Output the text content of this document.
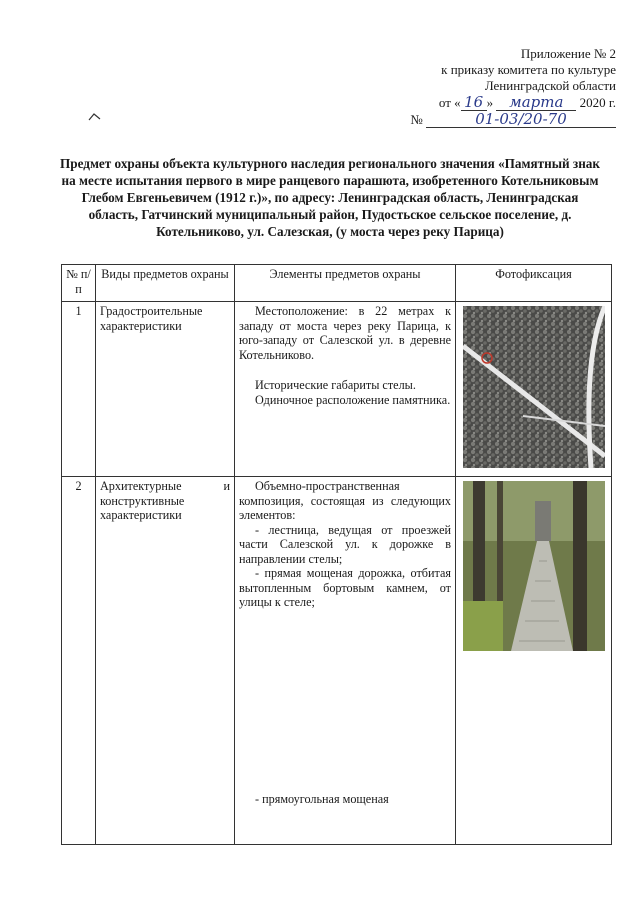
Приложение № 2
к приказу комитета по культуре
Ленинградской области
от « 16 » марта 2020 г.
№	01-03/20-70
Предмет охраны объекта культурного наследия регионального значения «Памятный знак на месте испытания первого в мире ранцевого парашюта, изобретенного Котельниковым Глебом Евгеньевичем (1912 г.)», по адресу: Ленинградская область, Ленинградская область, Гатчинский муниципальный район, Пудостьское сельское поселение, д. Котельниково, ул. Салезская, (у моста через реку Парица)
№ п/п	Виды предметов охраны	Элементы предметов охраны	Фотофиксация
1	Градостроительные характеристики	Местоположение: в 22 метрах к западу от моста через реку Парица, к юго-западу от Салезской ул. в деревне Котельниково.

Исторические габариты стелы.

Одиночное расположение памятника.

2	Архитектурные и конструктивные характеристики	Объемно-пространственная композиция, состоящая из следующих элементов:

- лестница, ведущая от проезжей части Салезской ул. к дорожке в направлении стелы;

- прямая мощеная дорожка, отбитая вытопленным бортовым камнем, от улицы к стеле;

- прямоугольная мощеная
